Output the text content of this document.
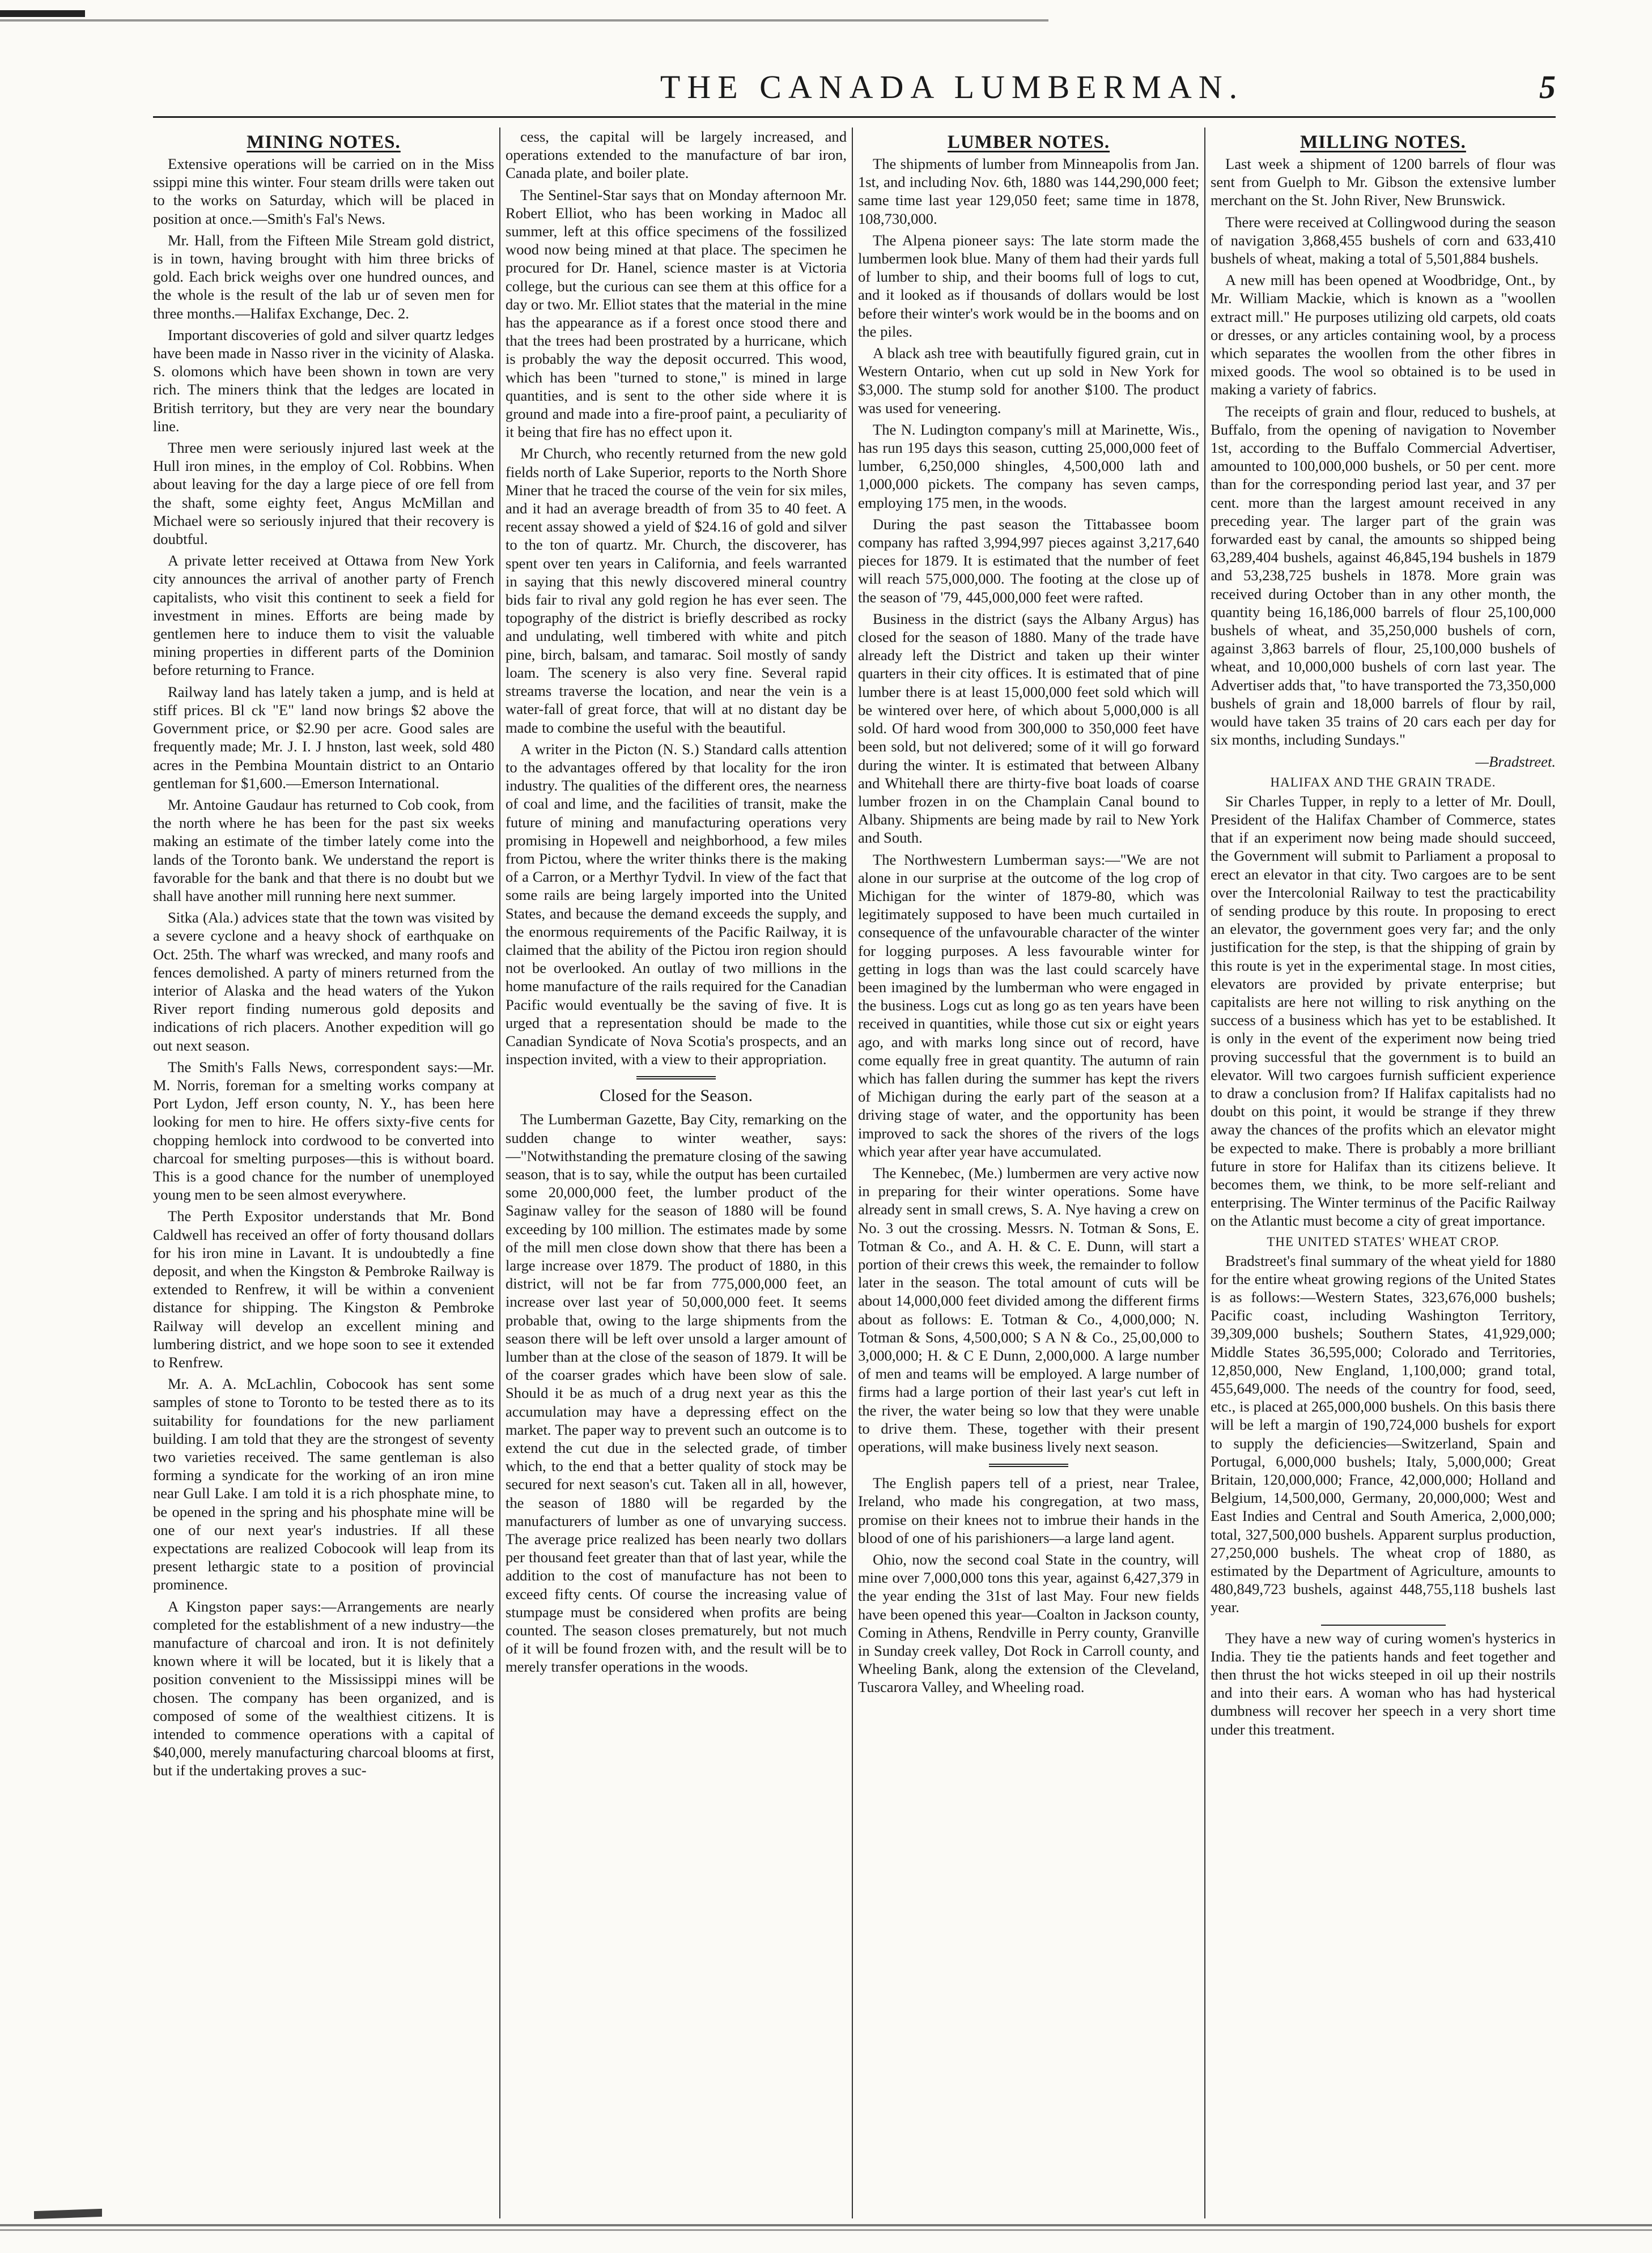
THE CANADA LUMBERMAN.	5
MINING NOTES.

Extensive operations will be carried on in the Miss ssippi mine this winter. Four steam drills were taken out to the works on Saturday, which will be placed in position at once.—Smith's Fal's News.

Mr. Hall, from the Fifteen Mile Stream gold district, is in town, having brought with him three bricks of gold. Each brick weighs over one hundred ounces, and the whole is the result of the lab ur of seven men for three months.—Halifax Exchange, Dec. 2.

Important discoveries of gold and silver quartz ledges have been made in Nasso river in the vicinity of Alaska. S. olomons which have been shown in town are very rich. The miners think that the ledges are located in British territory, but they are very near the boundary line.

Three men were seriously injured last week at the Hull iron mines, in the employ of Col. Robbins. When about leaving for the day a large piece of ore fell from the shaft, some eighty feet, Angus McMillan and Michael were so seriously injured that their recovery is doubtful.

A private letter received at Ottawa from New York city announces the arrival of another party of French capitalists, who visit this continent to seek a field for investment in mines. Efforts are being made by gentlemen here to induce them to visit the valuable mining properties in different parts of the Dominion before returning to France.

Railway land has lately taken a jump, and is held at stiff prices. Bl ck "E" land now brings $2 above the Government price, or $2.90 per acre. Good sales are frequently made; Mr. J. I. J hnston, last week, sold 480 acres in the Pembina Mountain district to an Ontario gentleman for $1,600.—Emerson International.

Mr. Antoine Gaudaur has returned to Cob cook, from the north where he has been for the past six weeks making an estimate of the timber lately come into the lands of the Toronto bank. We understand the report is favorable for the bank and that there is no doubt but we shall have another mill running here next summer.

Sitka (Ala.) advices state that the town was visited by a severe cyclone and a heavy shock of earthquake on Oct. 25th. The wharf was wrecked, and many roofs and fences demolished. A party of miners returned from the interior of Alaska and the head waters of the Yukon River report finding numerous gold deposits and indications of rich placers. Another expedition will go out next season.

The Smith's Falls News, correspondent says:—Mr. M. Norris, foreman for a smelting works company at Port Lydon, Jeff erson county, N. Y., has been here looking for men to hire. He offers sixty-five cents for chopping hemlock into cordwood to be converted into charcoal for smelting purposes—this is without board. This is a good chance for the number of unemployed young men to be seen almost everywhere.

The Perth Expositor understands that Mr. Bond Caldwell has received an offer of forty thousand dollars for his iron mine in Lavant. It is undoubtedly a fine deposit, and when the Kingston & Pembroke Railway is extended to Renfrew, it will be within a convenient distance for shipping. The Kingston & Pembroke Railway will develop an excellent mining and lumbering district, and we hope soon to see it extended to Renfrew.

Mr. A. A. McLachlin, Cobocook has sent some samples of stone to Toronto to be tested there as to its suitability for foundations for the new parliament building. I am told that they are the strongest of seventy two varieties received. The same gentleman is also forming a syndicate for the working of an iron mine near Gull Lake. I am told it is a rich phosphate mine, to be opened in the spring and his phosphate mine will be one of our next year's industries. If all these expectations are realized Cobocook will leap from its present lethargic state to a position of provincial prominence.

A Kingston paper says:—Arrangements are nearly completed for the establishment of a new industry—the manufacture of charcoal and iron. It is not definitely known where it will be located, but it is likely that a position convenient to the Mississippi mines will be chosen. The company has been organized, and is composed of some of the wealthiest citizens. It is intended to commence operations with a capital of $40,000, merely manufacturing charcoal blooms at first, but if the undertaking proves a suc-

cess, the capital will be largely increased, and operations extended to the manufacture of bar iron, Canada plate, and boiler plate.

The Sentinel-Star says that on Monday afternoon Mr. Robert Elliot, who has been working in Madoc all summer, left at this office specimens of the fossilized wood now being mined at that place. The specimen he procured for Dr. Hanel, science master is at Victoria college, but the curious can see them at this office for a day or two. Mr. Elliot states that the material in the mine has the appearance as if a forest once stood there and that the trees had been prostrated by a hurricane, which is probably the way the deposit occurred. This wood, which has been "turned to stone," is mined in large quantities, and is sent to the other side where it is ground and made into a fire-proof paint, a peculiarity of it being that fire has no effect upon it.

Mr Church, who recently returned from the new gold fields north of Lake Superior, reports to the North Shore Miner that he traced the course of the vein for six miles, and it had an average breadth of from 35 to 40 feet. A recent assay showed a yield of $24.16 of gold and silver to the ton of quartz. Mr. Church, the discoverer, has spent over ten years in California, and feels warranted in saying that this newly discovered mineral country bids fair to rival any gold region he has ever seen. The topography of the district is briefly described as rocky and undulating, well timbered with white and pitch pine, birch, balsam, and tamarac. Soil mostly of sandy loam. The scenery is also very fine. Several rapid streams traverse the location, and near the vein is a water-fall of great force, that will at no distant day be made to combine the useful with the beautiful.

A writer in the Picton (N. S.) Standard calls attention to the advantages offered by that locality for the iron industry. The qualities of the different ores, the nearness of coal and lime, and the facilities of transit, make the future of mining and manufacturing operations very promising in Hopewell and neighborhood, a few miles from Pictou, where the writer thinks there is the making of a Carron, or a Merthyr Tydvil. In view of the fact that some rails are being largely imported into the United States, and because the demand exceeds the supply, and the enormous requirements of the Pacific Railway, it is claimed that the ability of the Pictou iron region should not be overlooked. An outlay of two millions in the home manufacture of the rails required for the Canadian Pacific would eventually be the saving of five. It is urged that a representation should be made to the Canadian Syndicate of Nova Scotia's prospects, and an inspection invited, with a view to their appropriation.

Closed for the Season.

The Lumberman Gazette, Bay City, remarking on the sudden change to winter weather, says:—"Notwithstanding the premature closing of the sawing season, that is to say, while the output has been curtailed some 20,000,000 feet, the lumber product of the Saginaw valley for the season of 1880 will be found exceeding by 100 million. The estimates made by some of the mill men close down show that there has been a large increase over 1879. The product of 1880, in this district, will not be far from 775,000,000 feet, an increase over last year of 50,000,000 feet. It seems probable that, owing to the large shipments from the season there will be left over unsold a larger amount of lumber than at the close of the season of 1879. It will be of the coarser grades which have been slow of sale. Should it be as much of a drug next year as this the accumulation may have a depressing effect on the market. The paper way to prevent such an outcome is to extend the cut due in the selected grade, of timber which, to the end that a better quality of stock may be secured for next season's cut. Taken all in all, however, the season of 1880 will be regarded by the manufacturers of lumber as one of unvarying success. The average price realized has been nearly two dollars per thousand feet greater than that of last year, while the addition to the cost of manufacture has not been to exceed fifty cents. Of course the increasing value of stumpage must be considered when profits are being counted. The season closes prematurely, but not much of it will be found frozen with, and the result will be to merely transfer operations in the woods.

LUMBER NOTES.

The shipments of lumber from Minneapolis from Jan. 1st, and including Nov. 6th, 1880 was 144,290,000 feet; same time last year 129,050 feet; same time in 1878, 108,730,000.

The Alpena pioneer says: The late storm made the lumbermen look blue. Many of them had their yards full of lumber to ship, and their booms full of logs to cut, and it looked as if thousands of dollars would be lost before their winter's work would be in the booms and on the piles.

A black ash tree with beautifully figured grain, cut in Western Ontario, when cut up sold in New York for $3,000. The stump sold for another $100. The product was used for veneering.

The N. Ludington company's mill at Marinette, Wis., has run 195 days this season, cutting 25,000,000 feet of lumber, 6,250,000 shingles, 4,500,000 lath and 1,000,000 pickets. The company has seven camps, employing 175 men, in the woods.

During the past season the Tittabassee boom company has rafted 3,994,997 pieces against 3,217,640 pieces for 1879. It is estimated that the number of feet will reach 575,000,000. The footing at the close up of the season of '79, 445,000,000 feet were rafted.

Business in the district (says the Albany Argus) has closed for the season of 1880. Many of the trade have already left the District and taken up their winter quarters in their city offices. It is estimated that of pine lumber there is at least 15,000,000 feet sold which will be wintered over here, of which about 5,000,000 is all sold. Of hard wood from 300,000 to 350,000 feet have been sold, but not delivered; some of it will go forward during the winter. It is estimated that between Albany and Whitehall there are thirty-five boat loads of coarse lumber frozen in on the Champlain Canal bound to Albany. Shipments are being made by rail to New York and South.

The Northwestern Lumberman says:—"We are not alone in our surprise at the outcome of the log crop of Michigan for the winter of 1879-80, which was legitimately supposed to have been much curtailed in consequence of the unfavourable character of the winter for logging purposes. A less favourable winter for getting in logs than was the last could scarcely have been imagined by the lumberman who were engaged in the business. Logs cut as long go as ten years have been received in quantities, while those cut six or eight years ago, and with marks long since out of record, have come equally free in great quantity. The autumn of rain which has fallen during the summer has kept the rivers of Michigan during the early part of the season at a driving stage of water, and the opportunity has been improved to sack the shores of the rivers of the logs which year after year have accumulated.

The Kennebec, (Me.) lumbermen are very active now in preparing for their winter operations. Some have already sent in small crews, S. A. Nye having a crew on No. 3 out the crossing. Messrs. N. Totman & Sons, E. Totman & Co., and A. H. & C. E. Dunn, will start a portion of their crews this week, the remainder to follow later in the season. The total amount of cuts will be about 14,000,000 feet divided among the different firms about as follows: E. Totman & Co., 4,000,000; N. Totman & Sons, 4,500,000; S A N & Co., 25,00,000 to 3,000,000; H. & C E Dunn, 2,000,000. A large number of men and teams will be employed. A large number of firms had a large portion of their last year's cut left in the river, the water being so low that they were unable to drive them. These, together with their present operations, will make business lively next season.

The English papers tell of a priest, near Tralee, Ireland, who made his congregation, at two mass, promise on their knees not to imbrue their hands in the blood of one of his parishioners—a large land agent.

Ohio, now the second coal State in the country, will mine over 7,000,000 tons this year, against 6,427,379 in the year ending the 31st of last May. Four new fields have been opened this year—Coalton in Jackson county, Coming in Athens, Rendville in Perry county, Granville in Sunday creek valley, Dot Rock in Carroll county, and Wheeling Bank, along the extension of the Cleveland, Tuscarora Valley, and Wheeling road.

MILLING NOTES.

Last week a shipment of 1200 barrels of flour was sent from Guelph to Mr. Gibson the extensive lumber merchant on the St. John River, New Brunswick.

There were received at Collingwood during the season of navigation 3,868,455 bushels of corn and 633,410 bushels of wheat, making a total of 5,501,884 bushels.

A new mill has been opened at Woodbridge, Ont., by Mr. William Mackie, which is known as a "woollen extract mill." He purposes utilizing old carpets, old coats or dresses, or any articles containing wool, by a process which separates the woollen from the other fibres in mixed goods. The wool so obtained is to be used in making a variety of fabrics.

The receipts of grain and flour, reduced to bushels, at Buffalo, from the opening of navigation to November 1st, according to the Buffalo Commercial Advertiser, amounted to 100,000,000 bushels, or 50 per cent. more than for the corresponding period last year, and 37 per cent. more than the largest amount received in any preceding year. The larger part of the grain was forwarded east by canal, the amounts so shipped being 63,289,404 bushels, against 46,845,194 bushels in 1879 and 53,238,725 bushels in 1878. More grain was received during October than in any other month, the quantity being 16,186,000 barrels of flour 25,100,000 bushels of wheat, and 35,250,000 bushels of corn, against 3,863 barrels of flour, 25,100,000 bushels of wheat, and 10,000,000 bushels of corn last year. The Advertiser adds that, "to have transported the 73,350,000 bushels of grain and 18,000 barrels of flour by rail, would have taken 35 trains of 20 cars each per day for six months, including Sundays."

—Bradstreet.

HALIFAX AND THE GRAIN TRADE.

Sir Charles Tupper, in reply to a letter of Mr. Doull, President of the Halifax Chamber of Commerce, states that if an experiment now being made should succeed, the Government will submit to Parliament a proposal to erect an elevator in that city. Two cargoes are to be sent over the Intercolonial Railway to test the practicability of sending produce by this route. In proposing to erect an elevator, the government goes very far; and the only justification for the step, is that the shipping of grain by this route is yet in the experimental stage. In most cities, elevators are provided by private enterprise; but capitalists are here not willing to risk anything on the success of a business which has yet to be established. It is only in the event of the experiment now being tried proving successful that the government is to build an elevator. Will two cargoes furnish sufficient experience to draw a conclusion from? If Halifax capitalists had no doubt on this point, it would be strange if they threw away the chances of the profits which an elevator might be expected to make. There is probably a more brilliant future in store for Halifax than its citizens believe. It becomes them, we think, to be more self-reliant and enterprising. The Winter terminus of the Pacific Railway on the Atlantic must become a city of great importance.

THE UNITED STATES' WHEAT CROP.

Bradstreet's final summary of the wheat yield for 1880 for the entire wheat growing regions of the United States is as follows:—Western States, 323,676,000 bushels; Pacific coast, including Washington Territory, 39,309,000 bushels; Southern States, 41,929,000; Middle States 36,595,000; Colorado and Territories, 12,850,000, New England, 1,100,000; grand total, 455,649,000. The needs of the country for food, seed, etc., is placed at 265,000,000 bushels. On this basis there will be left a margin of 190,724,000 bushels for export to supply the deficiencies—Switzerland, Spain and Portugal, 6,000,000 bushels; Italy, 5,000,000; Great Britain, 120,000,000; France, 42,000,000; Holland and Belgium, 14,500,000, Germany, 20,000,000; West and East Indies and Central and South America, 2,000,000; total, 327,500,000 bushels. Apparent surplus production, 27,250,000 bushels. The wheat crop of 1880, as estimated by the Department of Agriculture, amounts to 480,849,723 bushels, against 448,755,118 bushels last year.

They have a new way of curing women's hysterics in India. They tie the patients hands and feet together and then thrust the hot wicks steeped in oil up their nostrils and into their ears. A woman who has had hysterical dumbness will recover her speech in a very short time under this treatment.
